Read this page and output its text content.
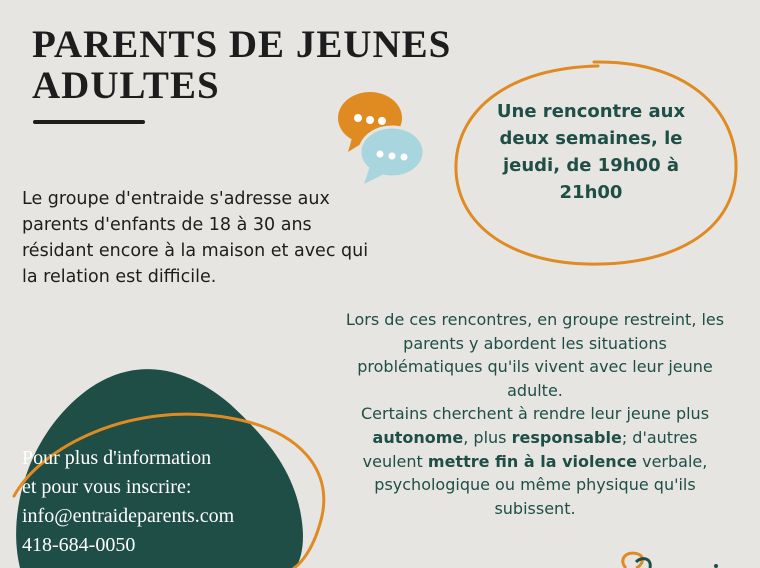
PARENTS DE JEUNES
ADULTES
Le groupe d'entraide s'adresse aux parents d'enfants de 18 à 30 ans résidant encore à la maison et avec qui la relation est difficile.
Une rencontre aux deux semaines, le jeudi, de 19h00 à 21h00

Lors de ces rencontres, en groupe restreint, les parents y abordent les situations problématiques qu'ils vivent avec leur jeune adulte.

Certains cherchent à rendre leur jeune plus autonome, plus responsable; d'autres veulent mettre fin à la violence verbale, psychologique ou même physique qu'ils subissent.

Pour plus d'information
et pour vous inscrire:
info@entraideparents.com
418-684-0050
